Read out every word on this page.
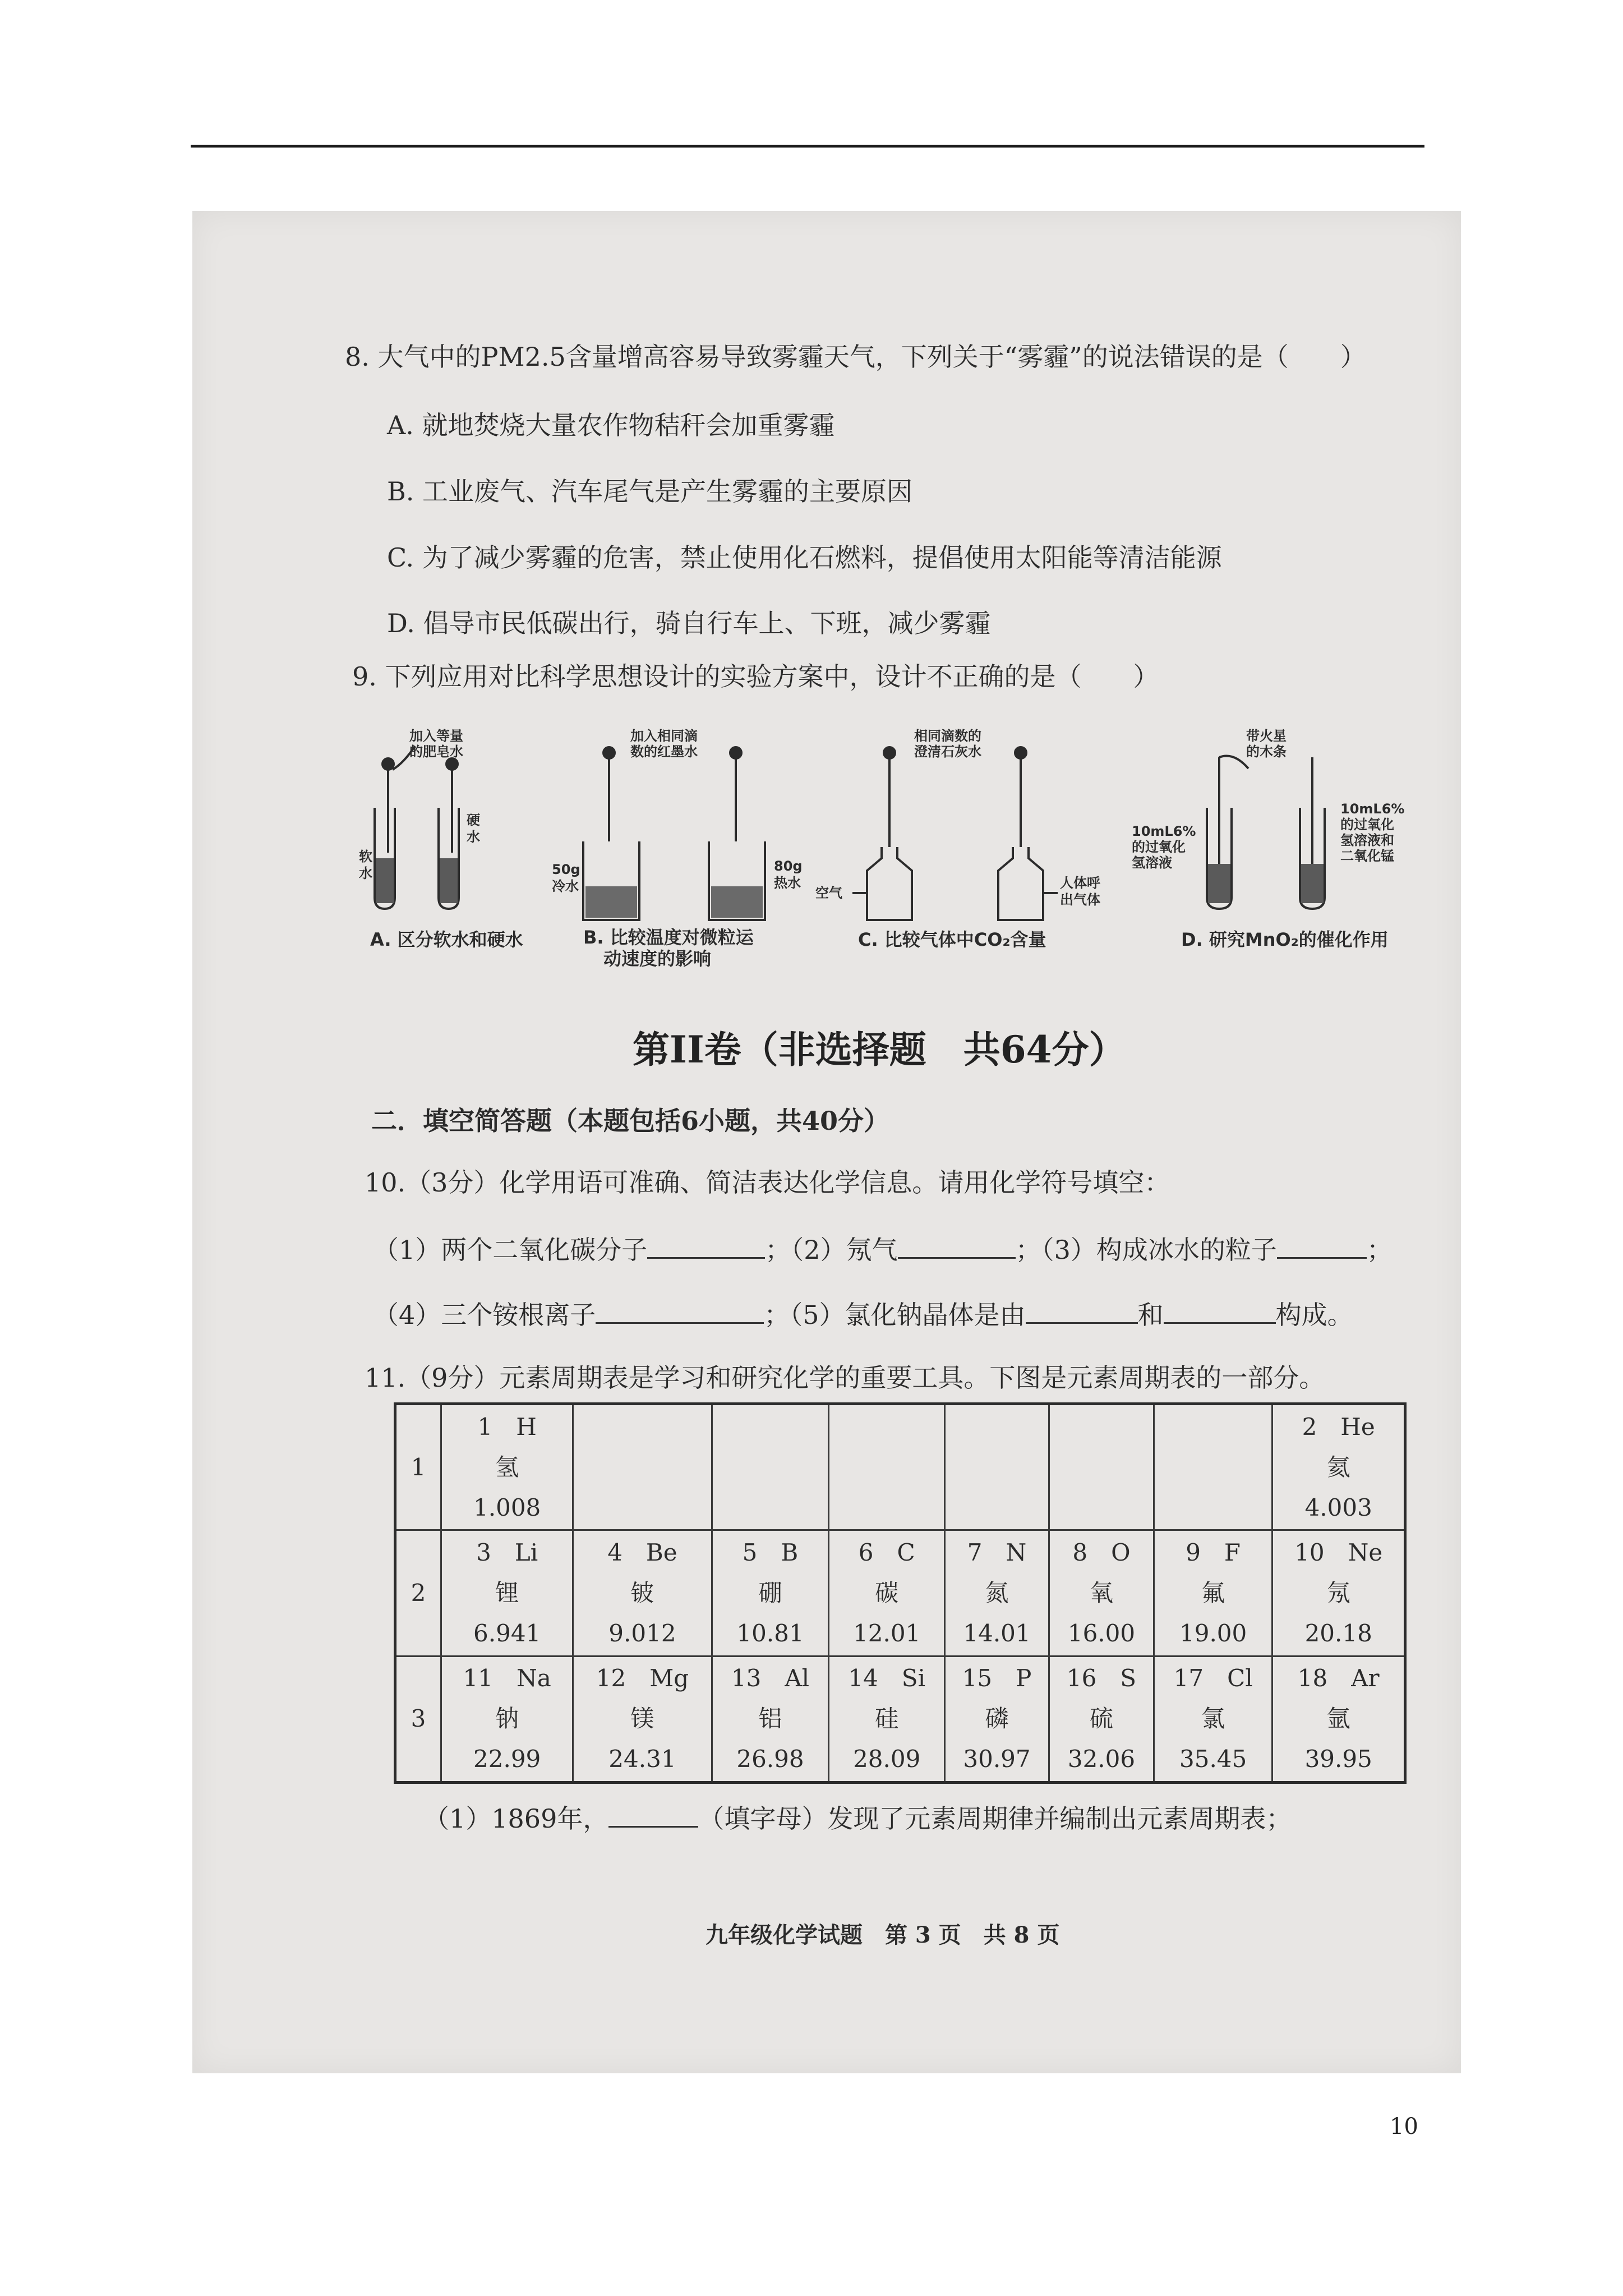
8. 大气中的PM2.5含量增高容易导致雾霾天气，下列关于“雾霾”的说法错误的是（　　）
A. 就地焚烧大量农作物秸秆会加重雾霾
B. 工业废气、汽车尾气是产生雾霾的主要原因
C. 为了减少雾霾的危害，禁止使用化石燃料，提倡使用太阳能等清洁能源
D. 倡导市民低碳出行，骑自行车上、下班，减少雾霾
9. 下列应用对比科学思想设计的实验方案中，设计不正确的是（　　）
加入等量
的肥皂水
软
水
硬
水
A. 区分软水和硬水
加入相同滴
数的红墨水
50g
冷水
80g
热水
B. 比较温度对微粒运
动速度的影响
相同滴数的
澄清石灰水
空气
人体呼
出气体
C. 比较气体中CO₂含量
带火星
的木条
10mL6%
的过氧化
氢溶液
10mL6%
的过氧化
氢溶液和
二氧化锰
D. 研究MnO₂的催化作用
第II卷（非选择题　共64分）
二．填空简答题（本题包括6小题，共40分）
10.（3分）化学用语可准确、简洁表达化学信息。请用化学符号填空：
（1）两个二氧化碳分子	；（2）氖气	；（3）构成冰水的粒子	；
（4）三个铵根离子	；（5）氯化钠晶体是由	和	构成。
11.（9分）元素周期表是学习和研究化学的重要工具。下图是元素周期表的一部分。
1	1　H
氢
1.008							2　He
氦
4.003

2	3　Li
锂
6.941	4　Be
铍
9.012	5　B
硼
10.81	6　C
碳
12.01	7　N
氮
14.01	8　O
氧
16.00	9　F
氟
19.00	10　Ne
氖
20.18

3	11　Na
钠
22.99	12　Mg
镁
24.31	13　Al
铝
26.98	14　Si
硅
28.09	15　P
磷
30.97	16　S
硫
32.06	17　Cl
氯
35.45	18　Ar
氩
39.95
（1）1869年，	（填字母）发现了元素周期律并编制出元素周期表；
九年级化学试题　第 3 页　共 8 页
10
